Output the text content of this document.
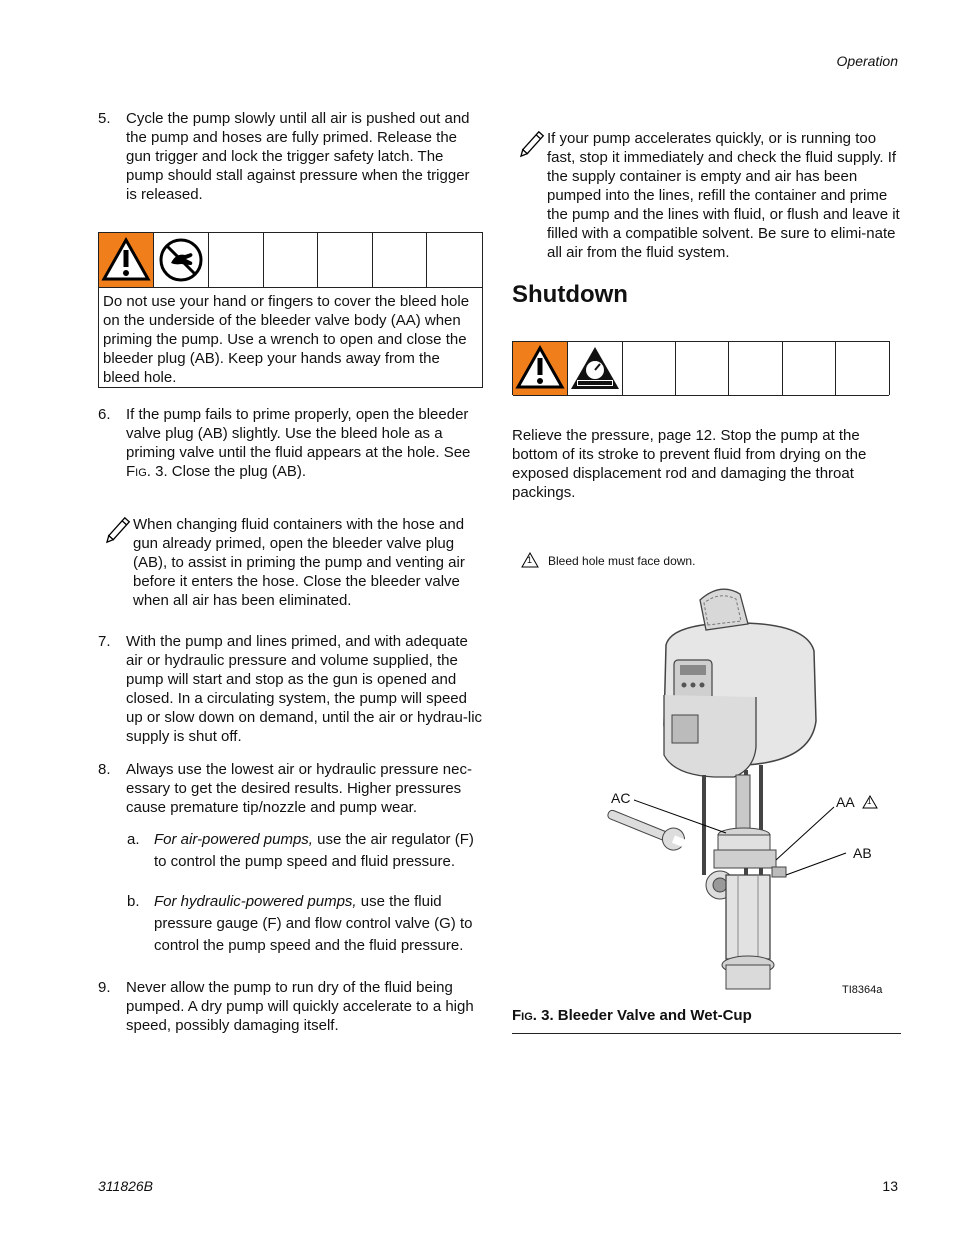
Operation
5. Cycle the pump slowly until all air is pushed out and the pump and hoses are fully primed. Release the gun trigger and lock the trigger safety latch. The pump should stall against pressure when the trigger is released.
Do not use your hand or fingers to cover the bleed hole on the underside of the bleeder valve body (AA) when priming the pump. Use a wrench to open and close the bleeder plug (AB). Keep your hands away from the bleed hole.
6. If the pump fails to prime properly, open the bleeder valve plug (AB) slightly. Use the bleed hole as a priming valve until the fluid appears at the hole. See FIG. 3. Close the plug (AB).
When changing fluid containers with the hose and gun already primed, open the bleeder valve plug (AB), to assist in priming the pump and venting air before it enters the hose. Close the bleeder valve when all air has been eliminated.
7. With the pump and lines primed, and with adequate air or hydraulic pressure and volume supplied, the pump will start and stop as the gun is opened and closed. In a circulating system, the pump will speed up or slow down on demand, until the air or hydrau-lic supply is shut off.
8. Always use the lowest air or hydraulic pressure nec-essary to get the desired results. Higher pressures cause premature tip/nozzle and pump wear.
a. For air-powered pumps, use the air regulator (F) to control the pump speed and fluid pressure.
b. For hydraulic-powered pumps, use the fluid pressure gauge (F) and flow control valve (G) to control the pump speed and the fluid pressure.
9. Never allow the pump to run dry of the fluid being pumped. A dry pump will quickly accelerate to a high speed, possibly damaging itself.
If your pump accelerates quickly, or is running too fast, stop it immediately and check the fluid supply. If the supply container is empty and air has been pumped into the lines, refill the container and prime the pump and the lines with fluid, or flush and leave it filled with a compatible solvent. Be sure to elimi-nate all air from the fluid system.
Shutdown
Relieve the pressure, page 12. Stop the pump at the bottom of its stroke to prevent fluid from drying on the exposed displacement rod and damaging the throat packings.
1 Bleed hole must face down.
AC	AA 1
AB
TI8364a
FIG. 3. Bleeder Valve and Wet-Cup
311826B	13
